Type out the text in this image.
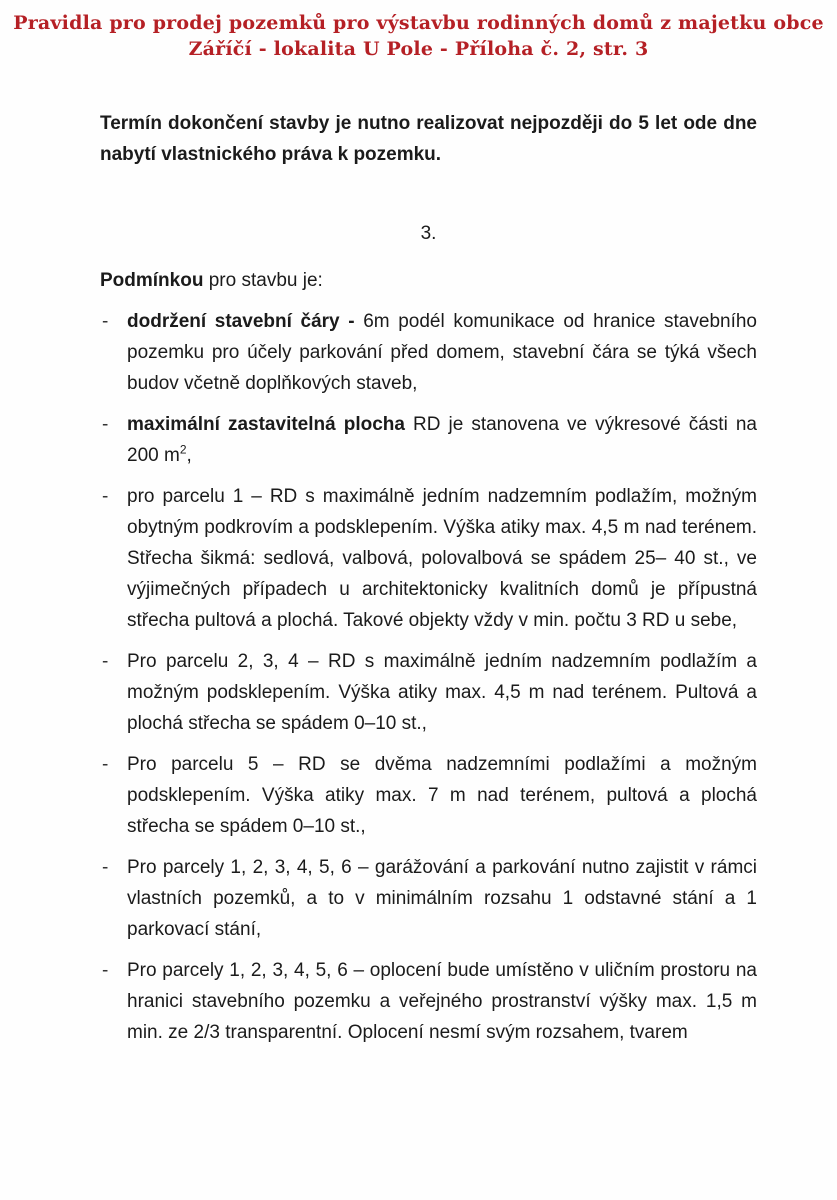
Pravidla pro prodej pozemků pro výstavbu rodinných domů z majetku obce
Záříčí - lokalita U Pole - Příloha č. 2, str. 3

Termín dokončení stavby je nutno realizovat nejpozději do 5 let ode dne nabytí vlastnického práva k pozemku.

3.

Podmínkou pro stavbu je:

- dodržení stavební čáry - 6m podél komunikace od hranice stavebního pozemku pro účely parkování před domem, stavební čára se týká všech budov včetně doplňkových staveb,

- maximální zastavitelná plocha RD je stanovena ve výkresové části na 200 $m^2$,

- pro parcelu 1 – RD s maximálně jedním nadzemním podlažím, možným obytným podkrovím a podsklepením. Výška atiky max. 4,5 m nad terénem. Střecha šikmá: sedlová, valbová, polovalbová se spádem 25– 40 st., ve výjimečných případech u architektonicky kvalitních domů je přípustná střecha pultová a plochá. Takové objekty vždy v min. počtu 3 RD u sebe,

- Pro parcelu 2, 3, 4 – RD s maximálně jedním nadzemním podlažím a možným podsklepením. Výška atiky max. 4,5 m nad terénem. Pultová a plochá střecha se spádem 0–10 st.,

- Pro parcelu 5 – RD se dvěma nadzemními podlažími a možným podsklepením. Výška atiky max. 7 m nad terénem, pultová a plochá střecha se spádem 0–10 st.,

- Pro parcely 1, 2, 3, 4, 5, 6 – garážování a parkování nutno zajistit v rámci vlastních pozemků, a to v minimálním rozsahu 1 odstavné stání a 1 parkovací stání,

- Pro parcely 1, 2, 3, 4, 5, 6 – oplocení bude umístěno v uličním prostoru na hranici stavebního pozemku a veřejného prostranství výšky max. 1,5 m min. ze 2/3 transparentní. Oplocení nesmí svým rozsahem, tvarem
